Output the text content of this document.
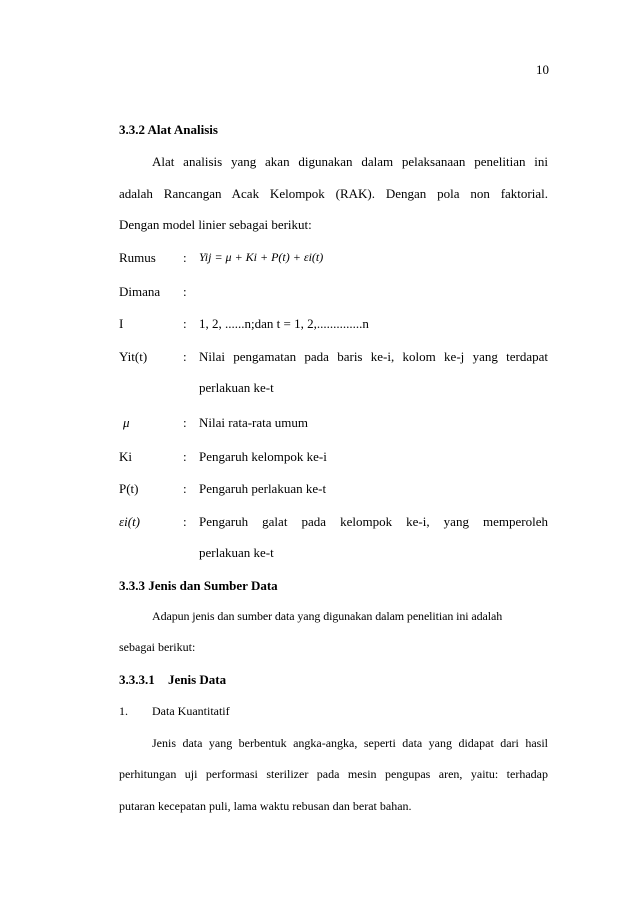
10
3.3.2 Alat Analisis
Alat analisis yang akan digunakan dalam pelaksanaan penelitian ini
adalah Rancangan Acak Kelompok (RAK). Dengan pola non faktorial.
Dengan model linier sebagai berikut:
Rumus : Yij = μ + Ki + P(t) + εi(t)
Dimana :
I	: 1, 2, ......n;dan t = 1, 2,..............n
Yit(t)	: Nilai pengamatan pada baris ke-i, kolom ke-j yang terdapat
perlakuan ke-t
μ	: Nilai rata-rata umum
Ki	: Pengaruh kelompok ke-i
P(t)	: Pengaruh perlakuan ke-t
εi(t)	: Pengaruh galat pada kelompok ke-i, yang memperoleh
perlakuan ke-t
3.3.3 Jenis dan Sumber Data
Adapun jenis dan sumber data yang digunakan dalam penelitian ini adalah
sebagai berikut:
3.3.3.1 Jenis Data
1. Data Kuantitatif
Jenis data yang berbentuk angka-angka, seperti data yang didapat dari hasil
perhitungan uji performasi sterilizer pada mesin pengupas aren, yaitu: terhadap
putaran kecepatan puli, lama waktu rebusan dan berat bahan.
